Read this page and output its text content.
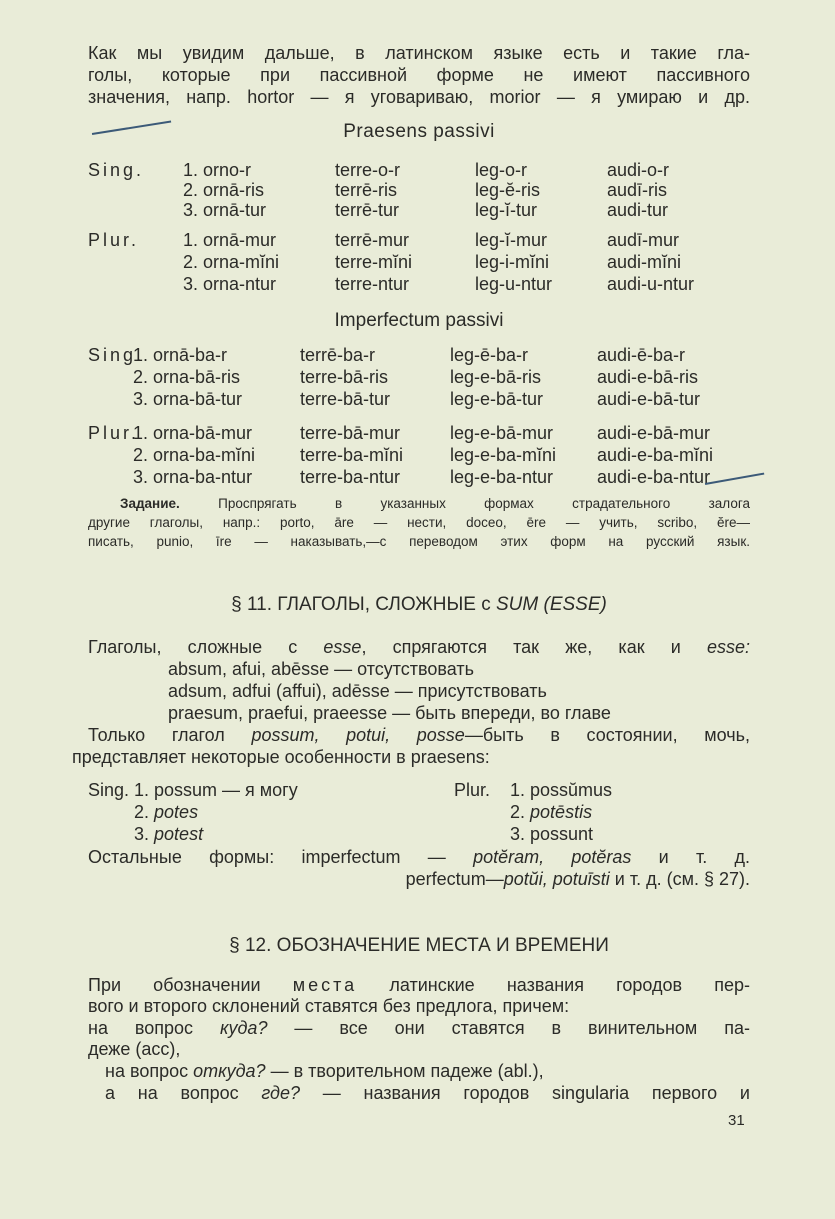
Как мы увидим дальше, в латинском языке есть и такие гла-
голы, которые при пассивной форме не имеют пассивного
значения, напр. hortor — я уговариваю, morior — я умираю и др.
Praesens passivi
Sing.
Plur.
1. orno-r	terre-o-r	leg-o-r	audi-o-r
2. ornā-ris	terrē-ris	leg-ĕ-ris	audī-ris
3. ornā-tur	terrē-tur	leg-ĭ-tur	audi-tur
1. ornā-mur	terrē-mur	leg-ĭ-mur	audī-mur
2. orna-mĭni	terre-mĭni	leg-i-mĭni	audi-mĭni
3. orna-ntur	terre-ntur	leg-u-ntur	audi-u-ntur
Imperfectum passivi
Sing.
Plur.
1. ornā-ba-r	terrē-ba-r	leg-ē-ba-r	audi-ē-ba-r
2. orna-bā-ris	terre-bā-ris	leg-e-bā-ris	audi-e-bā-ris
3. orna-bā-tur	terre-bā-tur	leg-e-bā-tur	audi-e-bā-tur
1. orna-bā-mur	terre-bā-mur	leg-e-bā-mur audi-e-bā-mur
2. orna-ba-mĭni terre-ba-mĭni	leg-e-ba-mĭni audi-e-ba-mĭni
3. orna-ba-ntur	terre-ba-ntur	leg-e-ba-ntur audi-e-ba-ntur
Задание.	Проспрягать в указанных формах страдательного залога
другие глаголы, напр.: porto, āre — нести, doceo, ēre — учить, scribo, ĕre—
писать, punio, īre — наказывать,—с переводом этих форм на русский язык.
§ 11. ГЛАГОЛЫ, СЛОЖНЫЕ с SUM (ESSE)
Глаголы, сложные с esse, спрягаются так же, как и esse:
absum, afui, abēsse — отсутствовать
adsum, adfui (affui), adēsse — присутствовать
praesum, praefui, praeesse — быть впереди, во главе
Только глагол possum, potui, posse—быть в состоянии, мочь,
представляет некоторые особенности в praesens:
Sing. 1. possum — я могу
2. potes
3. potest
Plur. 1. possŭmus
2. potēstis
3. possunt
Остальные формы: imperfectum — potĕram, potĕras и т. д.
perfectum—potŭi, potuīsti и т. д. (см. § 27).
§ 12. ОБОЗНАЧЕНИЕ МЕСТА И ВРЕМЕНИ
При обозначении места латинские названия городов пер-
вого и второго склонений ставятся без предлога, причем:
на вопрос куда? — все они ставятся в винительном па-
деже (acc),
на вопрос откуда? — в творительном падеже (abl.),
а на вопрос где? — названия городов singularia первого и
31
